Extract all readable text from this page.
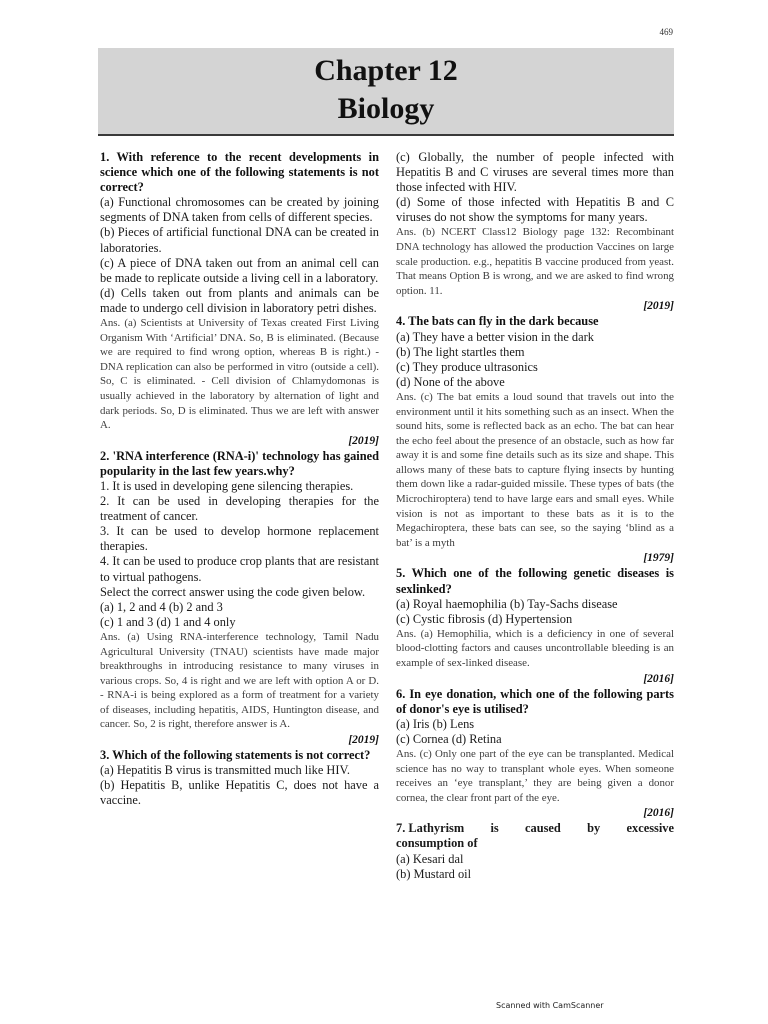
469
Chapter 12
Biology

1. With reference to the recent developments in science which one of the following statements is not correct?

(a) Functional chromosomes can be created by joining segments of DNA taken from cells of different species.

(b) Pieces of artificial functional DNA can be created in laboratories.

(c) A piece of DNA taken out from an animal cell can be made to replicate outside a living cell in a laboratory.

(d) Cells taken out from plants and animals can be made to undergo cell division in laboratory petri dishes.

Ans. (a) Scientists at University of Texas created First Living Organism With ‘Artificial’ DNA. So, B is eliminated. (Because we are required to find wrong option, whereas B is right.) - DNA replication can also be performed in vitro (outside a cell). So, C is eliminated. - Cell division of Chlamydomonas is usually achieved in the laboratory by alternation of light and dark periods. So, D is eliminated. Thus we are left with answer A.

[2019]

2. 'RNA interference (RNA-i)' technology has gained popularity in the last few years.why?

1. It is used in developing gene silencing therapies.

2. It can be used in developing therapies for the treatment of cancer.

3. It can be used to develop hormone replacement therapies.

4. It can be used to produce crop plants that are resistant to virtual pathogens.

Select the correct answer using the code given below.

(a) 1, 2 and 4 (b) 2 and 3

(c) 1 and 3 (d) 1 and 4 only

Ans. (a) Using RNA-interference technology, Tamil Nadu Agricultural University (TNAU) scientists have made major breakthroughs in introducing resistance to many viruses in various crops. So, 4 is right and we are left with option A or D. - RNA-i is being explored as a form of treatment for a variety of diseases, including hepatitis, AIDS, Huntington disease, and cancer. So, 2 is right, therefore answer is A.

[2019]

3. Which of the following statements is not correct?

(a) Hepatitis B virus is transmitted much like HIV.

(b) Hepatitis B, unlike Hepatitis C, does not have a vaccine.

(c) Globally, the number of people infected with Hepatitis B and C viruses are several times more than those infected with HIV.

(d) Some of those infected with Hepatitis B and C viruses do not show the symptoms for many years.

Ans. (b) NCERT Class12 Biology page 132: Recombinant DNA technology has allowed the production Vaccines on large scale production. e.g., hepatitis B vaccine produced from yeast. That means Option B is wrong, and we are asked to find wrong option. 11.

[2019]

4. The bats can fly in the dark because

(a) They have a better vision in the dark

(b) The light startles them

(c) They produce ultrasonics

(d) None of the above

Ans. (c) The bat emits a loud sound that travels out into the environment until it hits something such as an insect. When the sound hits, some is reflected back as an echo. The bat can hear the echo feel about the presence of an obstacle, such as how far away it is and some fine details such as its size and shape. This allows many of these bats to capture flying insects by hunting them down like a radar-guided missile. These types of bats (the Microchiroptera) tend to have large ears and small eyes. While vision is not as important to these bats as it is to the Megachiroptera, these bats can see, so the saying ‘blind as a bat’ is a myth

[1979]

5. Which one of the following genetic diseases is sexlinked?

(a) Royal haemophilia (b) Tay-Sachs disease

(c) Cystic fibrosis (d) Hypertension

Ans. (a) Hemophilia, which is a deficiency in one of several blood-clotting factors and causes uncontrollable bleeding is an example of sex-linked disease.

[2016]

6. In eye donation, which one of the following parts of donor's eye is utilised?

(a) Iris (b) Lens

(c) Cornea (d) Retina

Ans. (c) Only one part of the eye can be transplanted. Medical science has no way to transplant whole eyes. When someone receives an ‘eye transplant,’ they are being given a donor cornea, the clear front part of the eye.

[2016]

7. Lathyrism is caused by excessive

consumption of

(a) Kesari dal

(b) Mustard oil

Scanned with CamScanner
